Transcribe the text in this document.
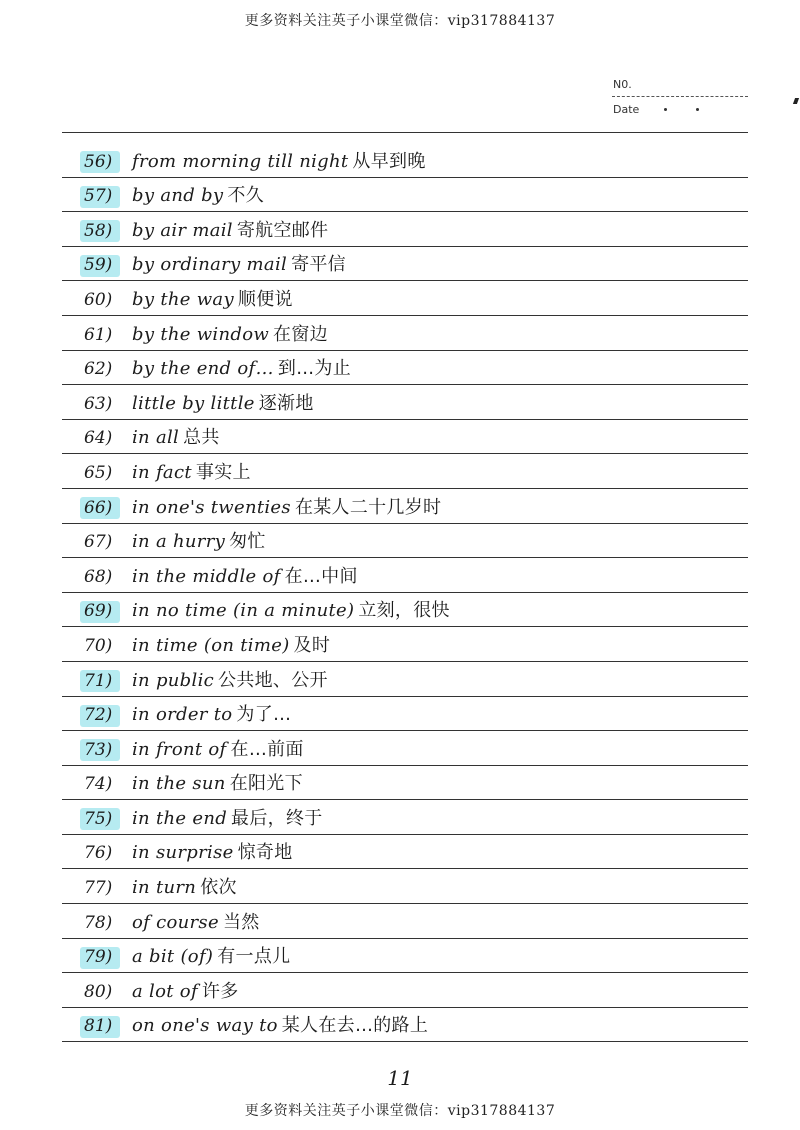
更多资料关注英子小课堂微信：vip317884137
N0.
Date
56) from morning till night 从早到晚
57) by and by 不久
58) by air mail 寄航空邮件
59) by ordinary mail 寄平信
60) by the way 顺便说
61) by the window 在窗边
62) by the end of… 到…为止
63) little by little 逐渐地
64) in all 总共
65) in fact 事实上
66) in one's twenties 在某人二十几岁时
67) in a hurry 匆忙
68) in the middle of 在…中间
69) in no time (in a minute) 立刻，很快
70) in time (on time) 及时
71) in public 公共地、公开
72) in order to 为了…
73) in front of 在…前面
74) in the sun 在阳光下
75) in the end 最后，终于
76) in surprise 惊奇地
77) in turn 依次
78) of course 当然
79) a bit (of) 有一点儿
80) a lot of 许多
81) on one's way to 某人在去…的路上
11
更多资料关注英子小课堂微信：vip317884137
